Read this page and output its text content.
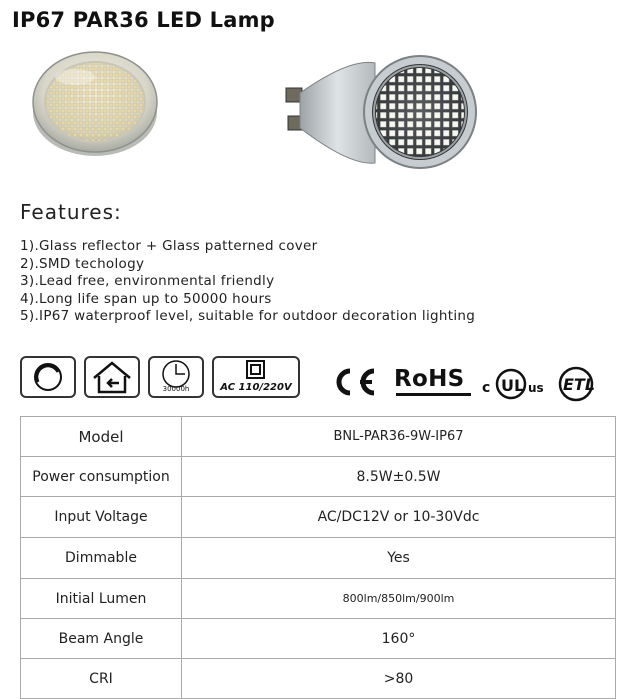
IP67 PAR36 LED Lamp
Features:
1).Glass reflector + Glass patterned cover
2).SMD techology
3).Lead free, environmental friendly
4).Long life span up to 50000 hours
5).IP67 waterproof level, suitable for outdoor decoration lighting
30000h	AC 110/220V	RoHS c UL us ETL
Model	BNL-PAR36-9W-IP67
Power consumption	8.5W±0.5W
Input Voltage	AC/DC12V or 10-30Vdc
Dimmable	Yes
Initial Lumen	800lm/850lm/900lm
Beam Angle	160°
CRI	>80
